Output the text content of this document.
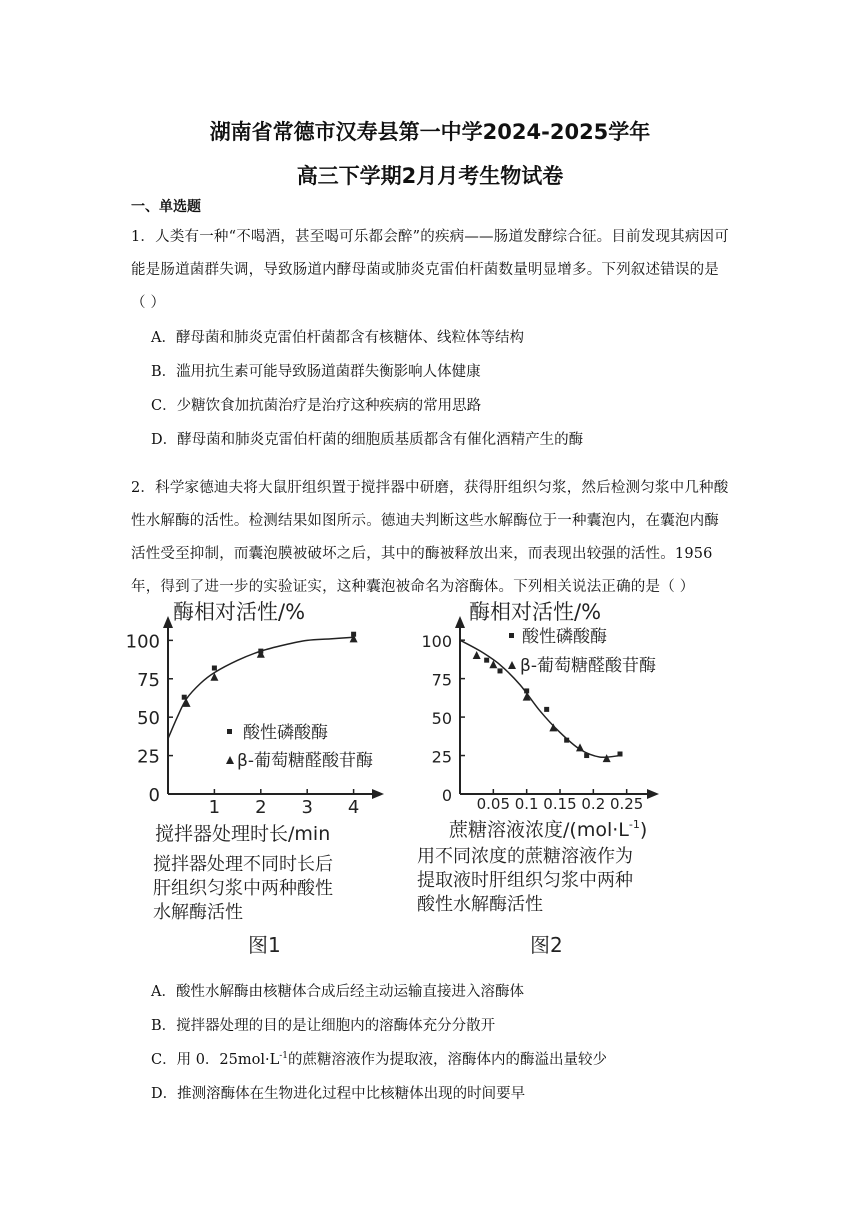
湖南省常德市汉寿县第一中学2024-2025学年
高三下学期2月月考生物试卷
一、单选题
1．人类有一种“不喝酒，甚至喝可乐都会醉”的疾病——肠道发酵综合征。目前发现其病因可能是肠道菌群失调，导致肠道内酵母菌或肺炎克雷伯杆菌数量明显增多。下列叙述错误的是（ ）
A．酵母菌和肺炎克雷伯杆菌都含有核糖体、线粒体等结构
B．滥用抗生素可能导致肠道菌群失衡影响人体健康
C．少糖饮食加抗菌治疗是治疗这种疾病的常用思路
D．酵母菌和肺炎克雷伯杆菌的细胞质基质都含有催化酒精产生的酶
2．科学家德迪夫将大鼠肝组织置于搅拌器中研磨，获得肝组织匀浆，然后检测匀浆中几种酸性水解酶的活性。检测结果如图所示。德迪夫判断这些水解酶位于一种囊泡内，在囊泡内酶活性受至抑制，而囊泡膜被破坏之后，其中的酶被释放出来，而表现出较强的活性。1956年，得到了进一步的实验证实，这种囊泡被命名为溶酶体。下列相关说法正确的是（ ）
酶相对活性/%
0
25
50
75
100
1 2 3 4
酸性磷酸酶
β-葡萄糖醛酸苷酶
搅拌器处理时长/min
搅拌器处理不同时长后
肝组织匀浆中两种酸性
水解酶活性
图1
酶相对活性/%
0
25
50
75
100
0.05 0.1 0.15 0.2 0.25
酸性磷酸酶
β-葡萄糖醛酸苷酶
蔗糖溶液浓度$/(mol\cdot L^{-1})$
用不同浓度的蔗糖溶液作为
提取液时肝组织匀浆中两种
酸性水解酶活性
图2
A．酸性水解酶由核糖体合成后经主动运输直接进入溶酶体
B．搅拌器处理的目的是让细胞内的溶酶体充分分散开
C．用 0．$25mol\cdot L^{-1}$的蔗糖溶液作为提取液，溶酶体内的酶溢出量较少
D．推测溶酶体在生物进化过程中比核糖体出现的时间要早
